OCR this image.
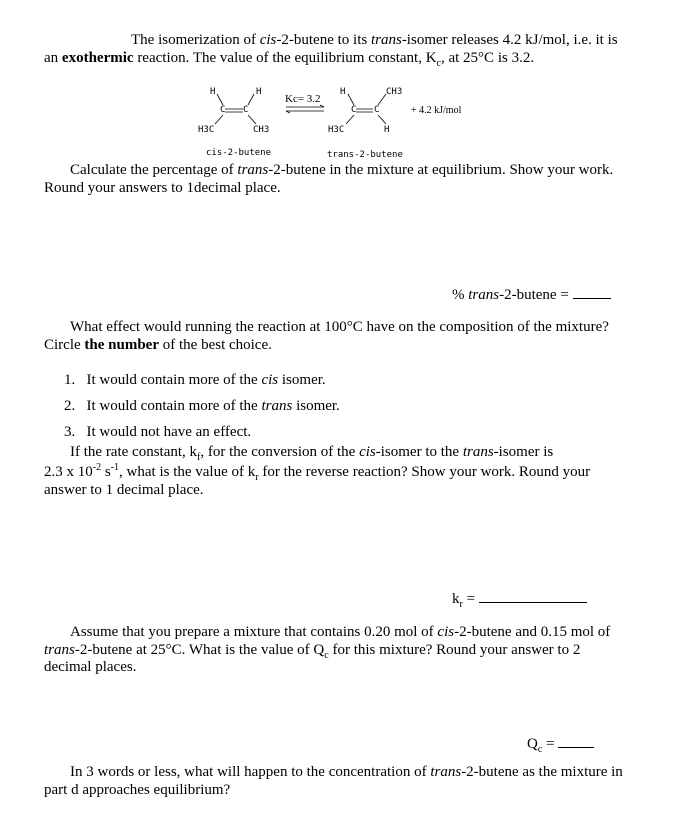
The isomerization of cis-2-butene to its trans-isomer releases 4.2 kJ/mol, i.e. it is
an exothermic reaction. The value of the equilibrium constant, $K_c$, at 25°C is 3.2.
H	H
C C
H3C	CH3
Kc= 3.2
H	CH3
C C
H3C	H
+ 4.2 kJ/mol
cis-2-butene	trans-2-butene
Calculate the percentage of trans-2-butene in the mixture at equilibrium. Show your work.
Round your answers to 1decimal place.
% trans-2-butene =
What effect would running the reaction at 100°C have on the composition of the mixture?
Circle the number of the best choice.
1. It would contain more of the cis isomer.
2. It would contain more of the trans isomer.
3. It would not have an effect.
If the rate constant, $k_f$, for the conversion of the cis-isomer to the trans-isomer is
2.3 x $10^{-2}$ $s^{-1}$, what is the value of $k_r$ for the reverse reaction? Show your work. Round your
answer to 1 decimal place.
$k_r$ =
Assume that you prepare a mixture that contains 0.20 mol of cis-2-butene and 0.15 mol of
trans-2-butene at 25°C. What is the value of $Q_c$ for this mixture? Round your answer to 2
decimal places.
$Q_c$ =
In 3 words or less, what will happen to the concentration of trans-2-butene as the mixture in
part d approaches equilibrium?
